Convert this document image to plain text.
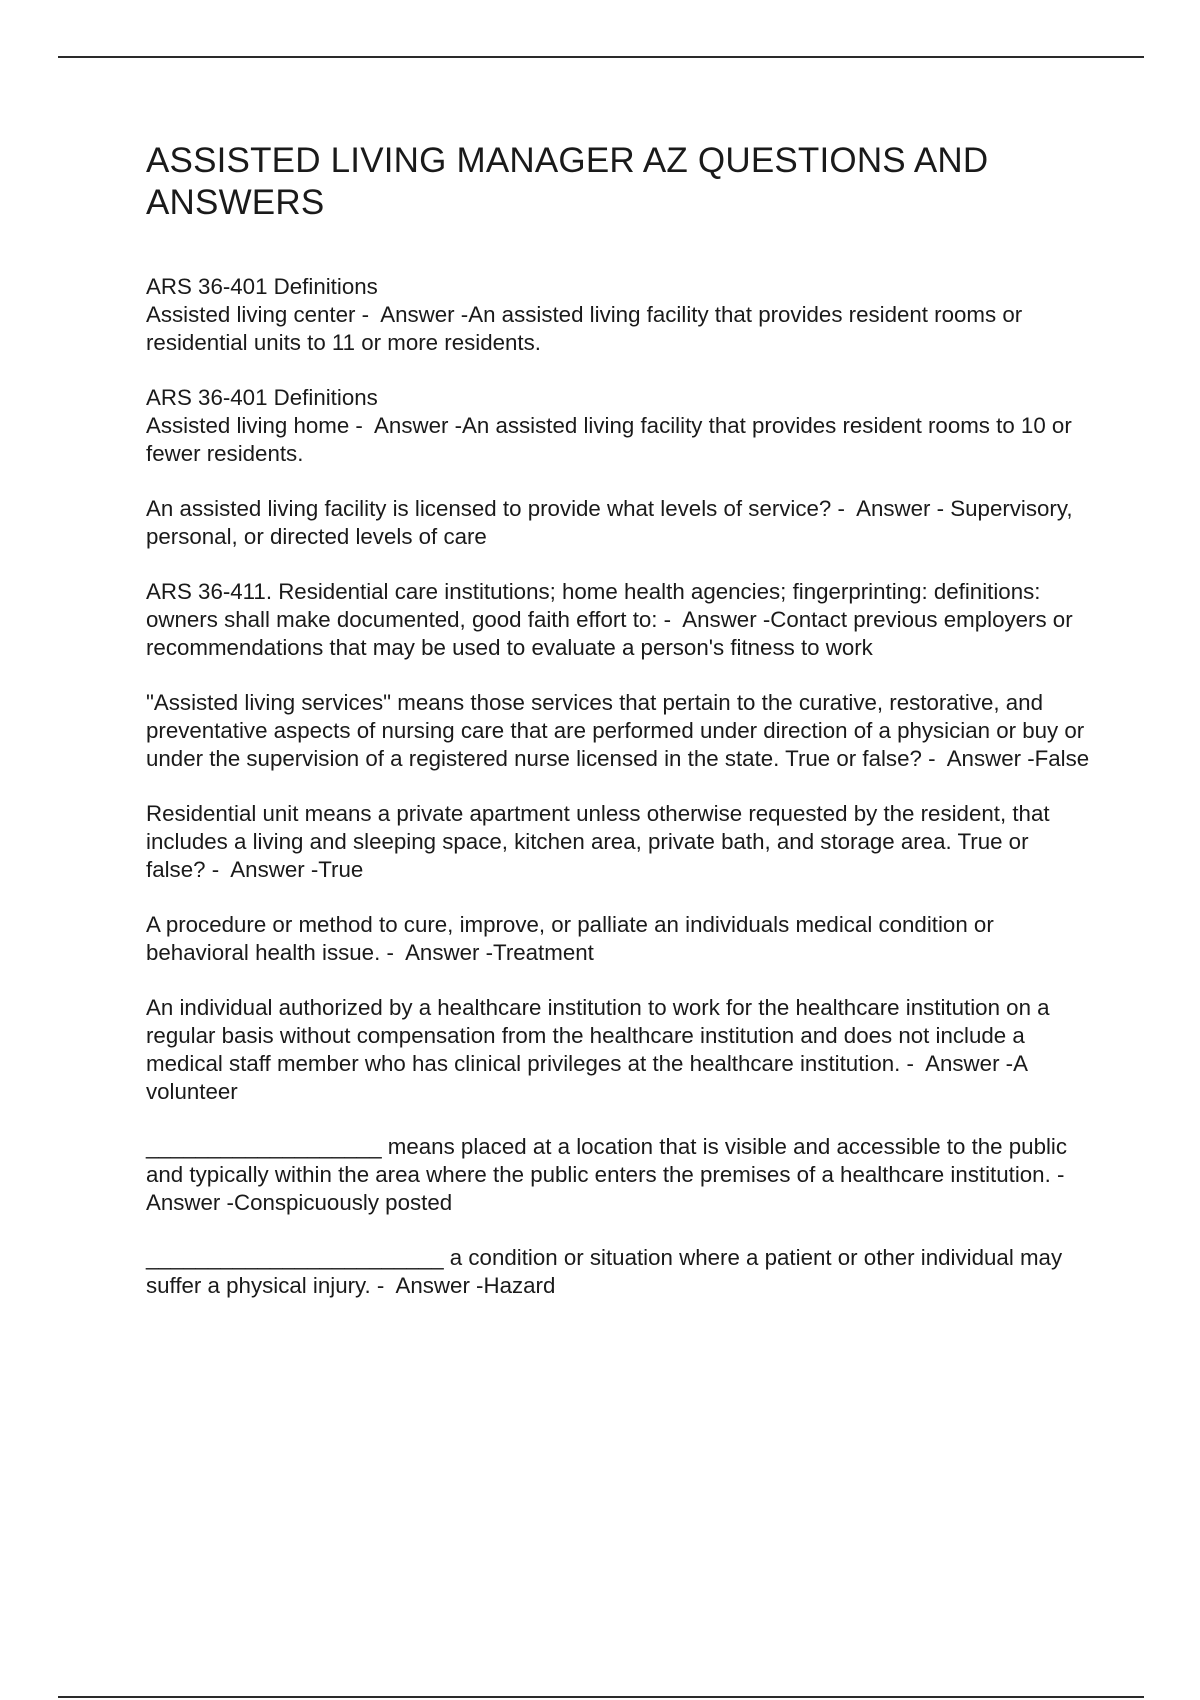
ASSISTED LIVING MANAGER AZ QUESTIONS AND ANSWERS

ARS 36-401 Definitions
Assisted living center - Answer -An assisted living facility that provides resident rooms or residential units to 11 or more residents.

ARS 36-401 Definitions
Assisted living home - Answer -An assisted living facility that provides resident rooms to 10 or fewer residents.

An assisted living facility is licensed to provide what levels of service? - Answer - Supervisory, personal, or directed levels of care

ARS 36-411. Residential care institutions; home health agencies; fingerprinting: definitions: owners shall make documented, good faith effort to: - Answer -Contact previous employers or recommendations that may be used to evaluate a person's fitness to work

"Assisted living services" means those services that pertain to the curative, restorative, and preventative aspects of nursing care that are performed under direction of a physician or buy or under the supervision of a registered nurse licensed in the state. True or false? - Answer -False

Residential unit means a private apartment unless otherwise requested by the resident, that includes a living and sleeping space, kitchen area, private bath, and storage area. True or false? - Answer -True

A procedure or method to cure, improve, or palliate an individuals medical condition or behavioral health issue. - Answer -Treatment

An individual authorized by a healthcare institution to work for the healthcare institution on a regular basis without compensation from the healthcare institution and does not include a medical staff member who has clinical privileges at the healthcare institution. - Answer -A volunteer

___________________ means placed at a location that is visible and accessible to the public and typically within the area where the public enters the premises of a healthcare institution. -  Answer -Conspicuously posted

________________________ a condition or situation where a patient or other individual may suffer a physical injury. - Answer -Hazard
